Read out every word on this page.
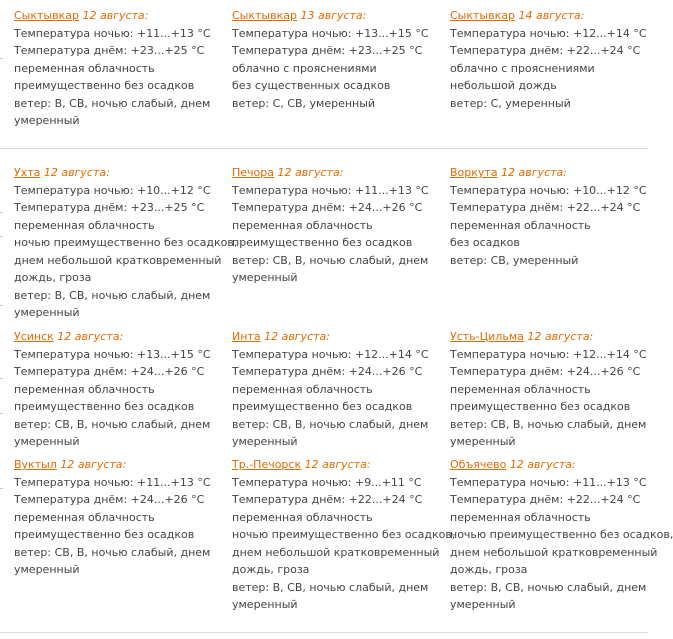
Сыктывкар 12 августа:
Температура ночью: +11...+13 °С
Температура днём: +23...+25 °С
переменная облачность
преимущественно без осадков
ветер: В, СВ, ночью слабый, днем
умеренный
Сыктывкар 13 августа:
Температура ночью: +13...+15 °С
Температура днём: +23...+25 °С
облачно с прояснениями
без существенных осадков
ветер: С, СВ, умеренный
Сыктывкар 14 августа:
Температура ночью: +12...+14 °С
Температура днём: +22...+24 °С
облачно с прояснениями
небольшой дождь
ветер: С, умеренный
Ухта 12 августа:
Температура ночью: +10...+12 °С
Температура днём: +23...+25 °С
переменная облачность
ночью преимущественно без осадков,
днем небольшой кратковременный
дождь, гроза
ветер: В, СВ, ночью слабый, днем
умеренный
Печора 12 августа:
Температура ночью: +11...+13 °С
Температура днём: +24...+26 °С
переменная облачность
преимущественно без осадков
ветер: СВ, В, ночью слабый, днем
умеренный
Воркута 12 августа:
Температура ночью: +10...+12 °С
Температура днём: +22...+24 °С
переменная облачность
без осадков
ветер: СВ, умеренный
Усинск 12 августа:
Температура ночью: +13...+15 °С
Температура днём: +24...+26 °С
переменная облачность
преимущественно без осадков
ветер: СВ, В, ночью слабый, днем
умеренный
Инта 12 августа:
Температура ночью: +12...+14 °С
Температура днём: +24...+26 °С
переменная облачность
преимущественно без осадков
ветер: СВ, В, ночью слабый, днем
умеренный
Усть-Цильма 12 августа:
Температура ночью: +12...+14 °С
Температура днём: +24...+26 °С
переменная облачность
преимущественно без осадков
ветер: СВ, В, ночью слабый, днем
умеренный
Вуктыл 12 августа:
Температура ночью: +11...+13 °С
Температура днём: +24...+26 °С
переменная облачность
преимущественно без осадков
ветер: СВ, В, ночью слабый, днем
умеренный
Тр.-Печорск 12 августа:
Температура ночью: +9...+11 °С
Температура днём: +22...+24 °С
переменная облачность
ночью преимущественно без осадков,
днем небольшой кратковременный
дождь, гроза
ветер: В, СВ, ночью слабый, днем
умеренный
Объячево 12 августа:
Температура ночью: +11...+13 °С
Температура днём: +22...+24 °С
переменная облачность
ночью преимущественно без осадков,
днем небольшой кратковременный
дождь, гроза
ветер: В, СВ, ночью слабый, днем
умеренный
